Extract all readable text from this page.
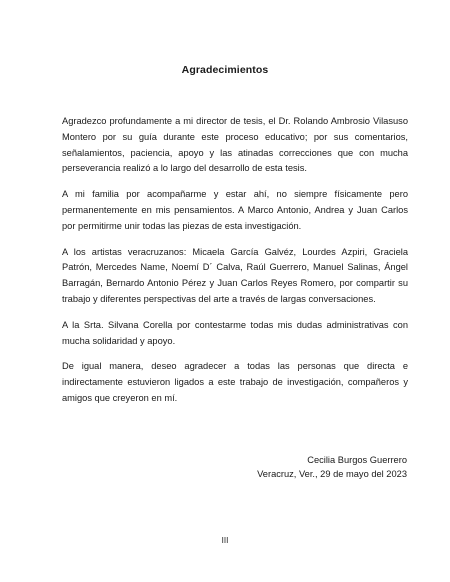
Agradecimientos

Agradezco profundamente a mi director de tesis, el Dr. Rolando Ambrosio Vilasuso Montero por su guía durante este proceso educativo; por sus comentarios, señalamientos, paciencia, apoyo y las atinadas correcciones que con mucha perseverancia realizó a lo largo del desarrollo de esta tesis.

A mi familia por acompañarme y estar ahí, no siempre físicamente pero permanentemente en mis pensamientos. A Marco Antonio, Andrea y Juan Carlos por permitirme unir todas las piezas de esta investigación.

A los artistas veracruzanos: Micaela García Galvéz, Lourdes Azpiri, Graciela Patrón, Mercedes Name, Noemí D´ Calva, Raúl Guerrero, Manuel Salinas, Ángel Barragán, Bernardo Antonio Pérez y Juan Carlos Reyes Romero, por compartir su trabajo y diferentes perspectivas del arte a través de largas conversaciones.

A la Srta. Silvana Corella por contestarme todas mis dudas administrativas con mucha solidaridad y apoyo.

De igual manera, deseo agradecer a todas las personas que directa e indirectamente estuvieron ligados a este trabajo de investigación, compañeros y amigos que creyeron en mí.

Cecilia Burgos Guerrero
Veracruz, Ver., 29 de mayo del 2023
III
